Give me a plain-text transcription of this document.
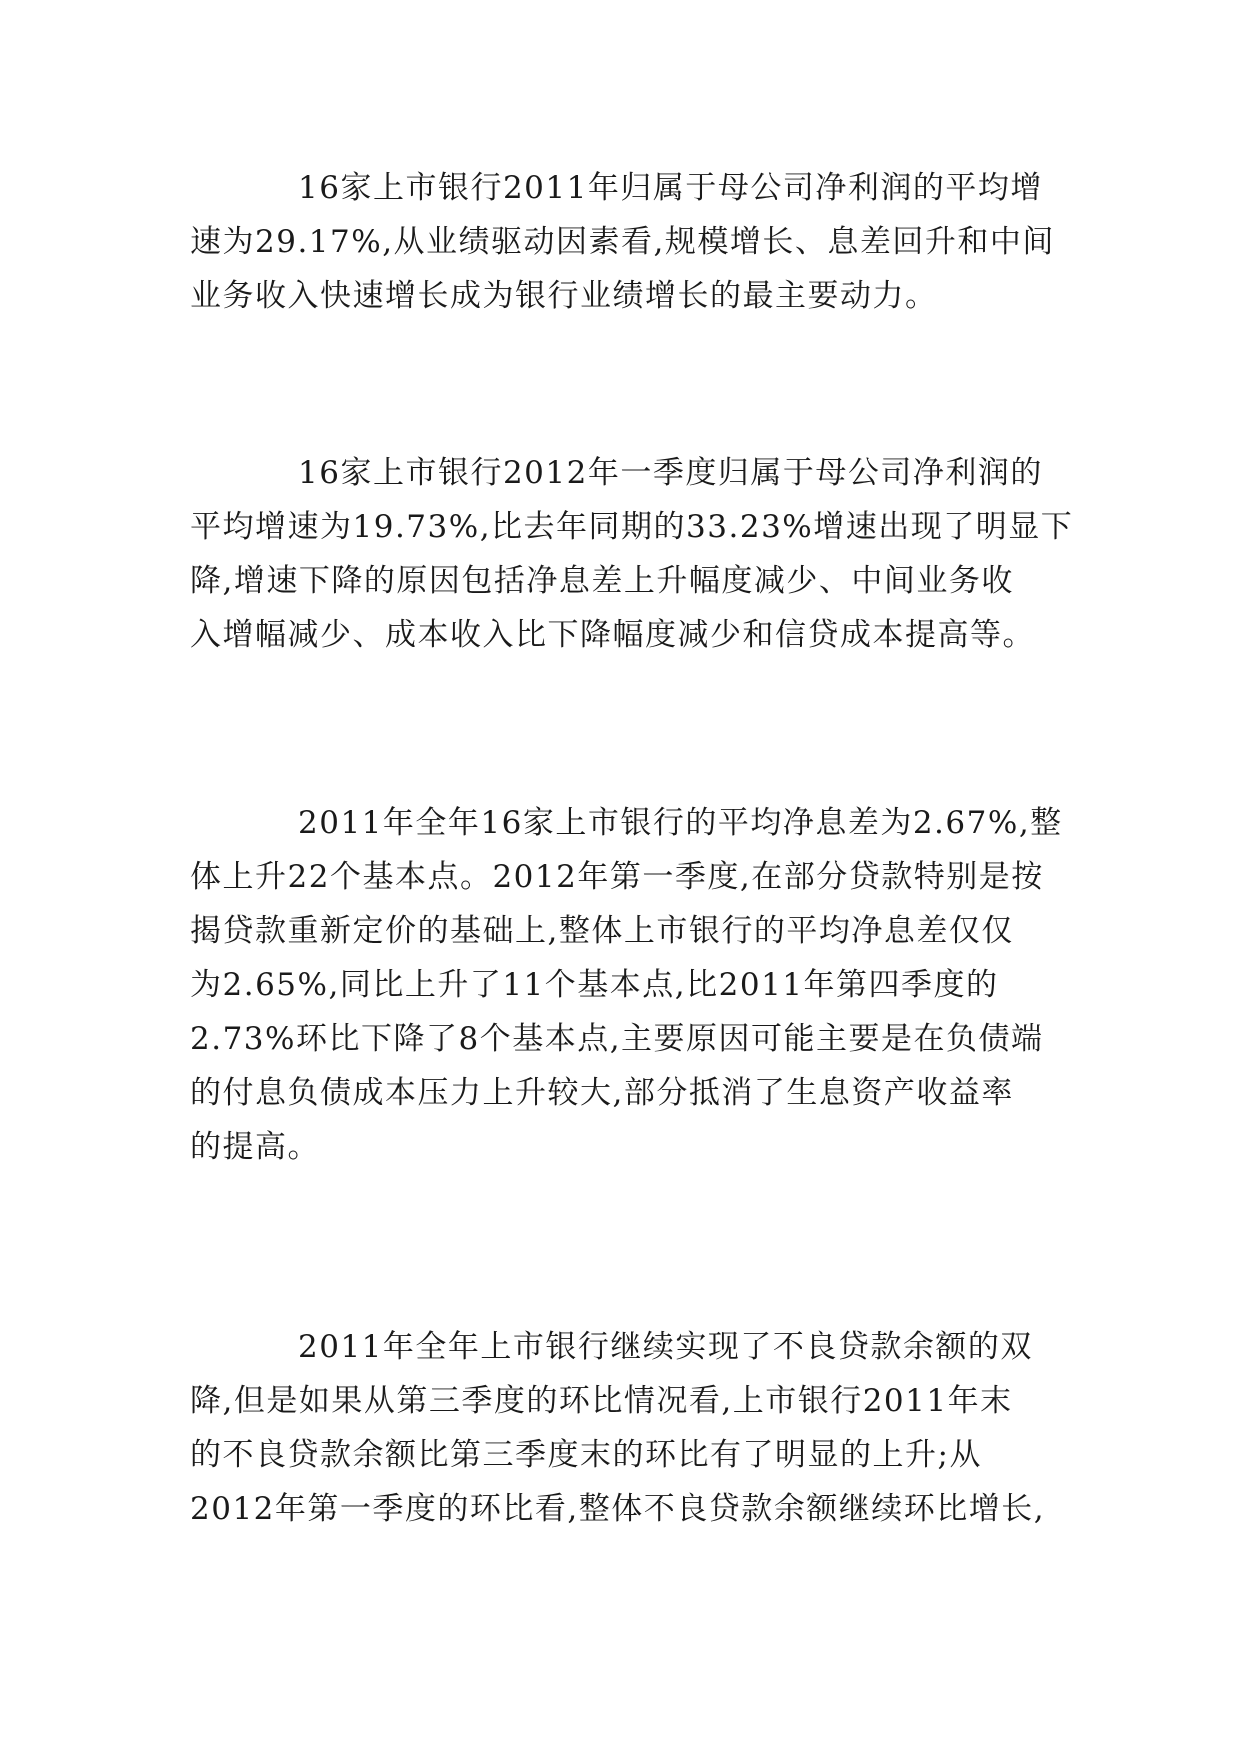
16家上市银行2011年归属于母公司净利润的平均增
速为29.17%,从业绩驱动因素看,规模增长、息差回升和中间
业务收入快速增长成为银行业绩增长的最主要动力。
16家上市银行2012年一季度归属于母公司净利润的
平均增速为19.73%,比去年同期的33.23%增速出现了明显下
降,增速下降的原因包括净息差上升幅度减少、中间业务收
入增幅减少、成本收入比下降幅度减少和信贷成本提高等。
2011年全年16家上市银行的平均净息差为2.67%,整
体上升22个基本点。2012年第一季度,在部分贷款特别是按
揭贷款重新定价的基础上,整体上市银行的平均净息差仅仅
为2.65%,同比上升了11个基本点,比2011年第四季度的
2.73%环比下降了8个基本点,主要原因可能主要是在负债端
的付息负债成本压力上升较大,部分抵消了生息资产收益率
的提高。
2011年全年上市银行继续实现了不良贷款余额的双
降,但是如果从第三季度的环比情况看,上市银行2011年末
的不良贷款余额比第三季度末的环比有了明显的上升;从
2012年第一季度的环比看,整体不良贷款余额继续环比增长,
